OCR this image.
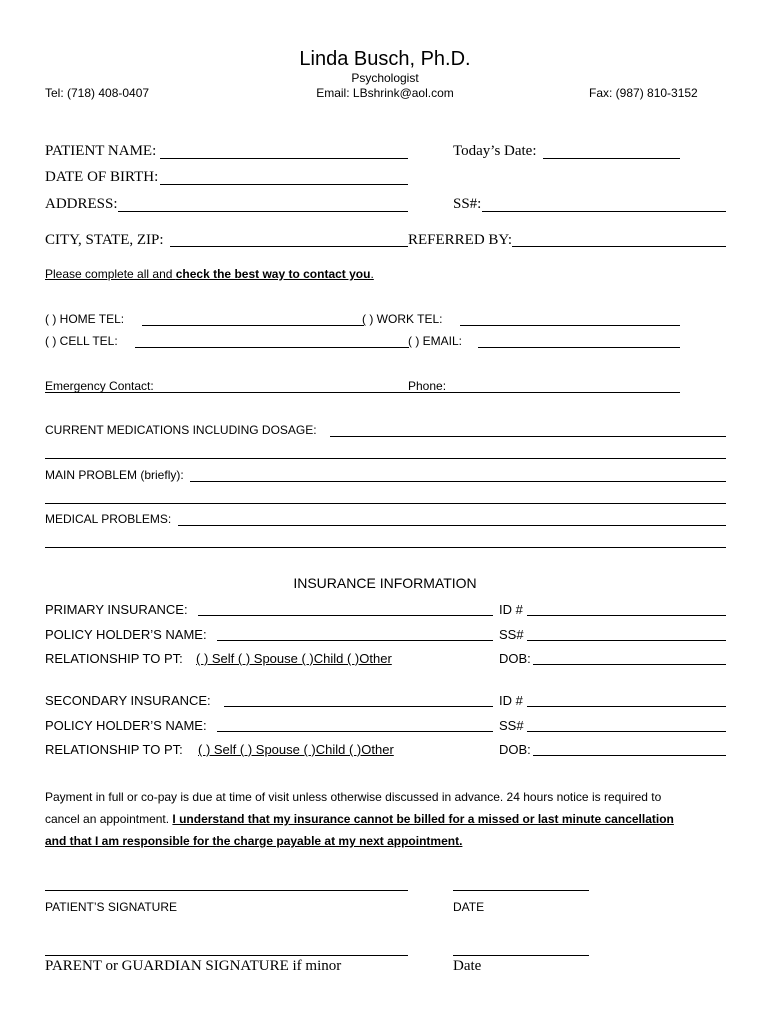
Linda Busch, Ph.D.
Psychologist
Tel: (718) 408-0407	Email: LBshrink@aol.com	Fax: (987) 810-3152
PATIENT NAME:	Today’s Date:
DATE OF BIRTH:
ADDRESS:	SS#:
CITY, STATE, ZIP:	REFERRED BY:
Please complete all and check the best way to contact you.
( ) HOME TEL:	( ) WORK TEL:
( ) CELL TEL:	( ) EMAIL:
Emergency Contact:	Phone:
CURRENT MEDICATIONS INCLUDING DOSAGE:
MAIN PROBLEM (briefly):
MEDICAL PROBLEMS:
INSURANCE INFORMATION
PRIMARY INSURANCE:	ID #
POLICY HOLDER’S NAME:	SS#
RELATIONSHIP TO PT: ( ) Self ( ) Spouse ( )Child ( )Other	DOB:
SECONDARY INSURANCE:	ID #
POLICY HOLDER’S NAME:	SS#
RELATIONSHIP TO PT: ( ) Self ( ) Spouse ( )Child ( )Other	DOB:
Payment in full or co-pay is due at time of visit unless otherwise discussed in advance. 24 hours notice is required to
cancel an appointment. I understand that my insurance cannot be billed for a missed or last minute cancellation
and that I am responsible for the charge payable at my next appointment.
PATIENT’S SIGNATURE	DATE
PARENT or GUARDIAN SIGNATURE if minor	Date
